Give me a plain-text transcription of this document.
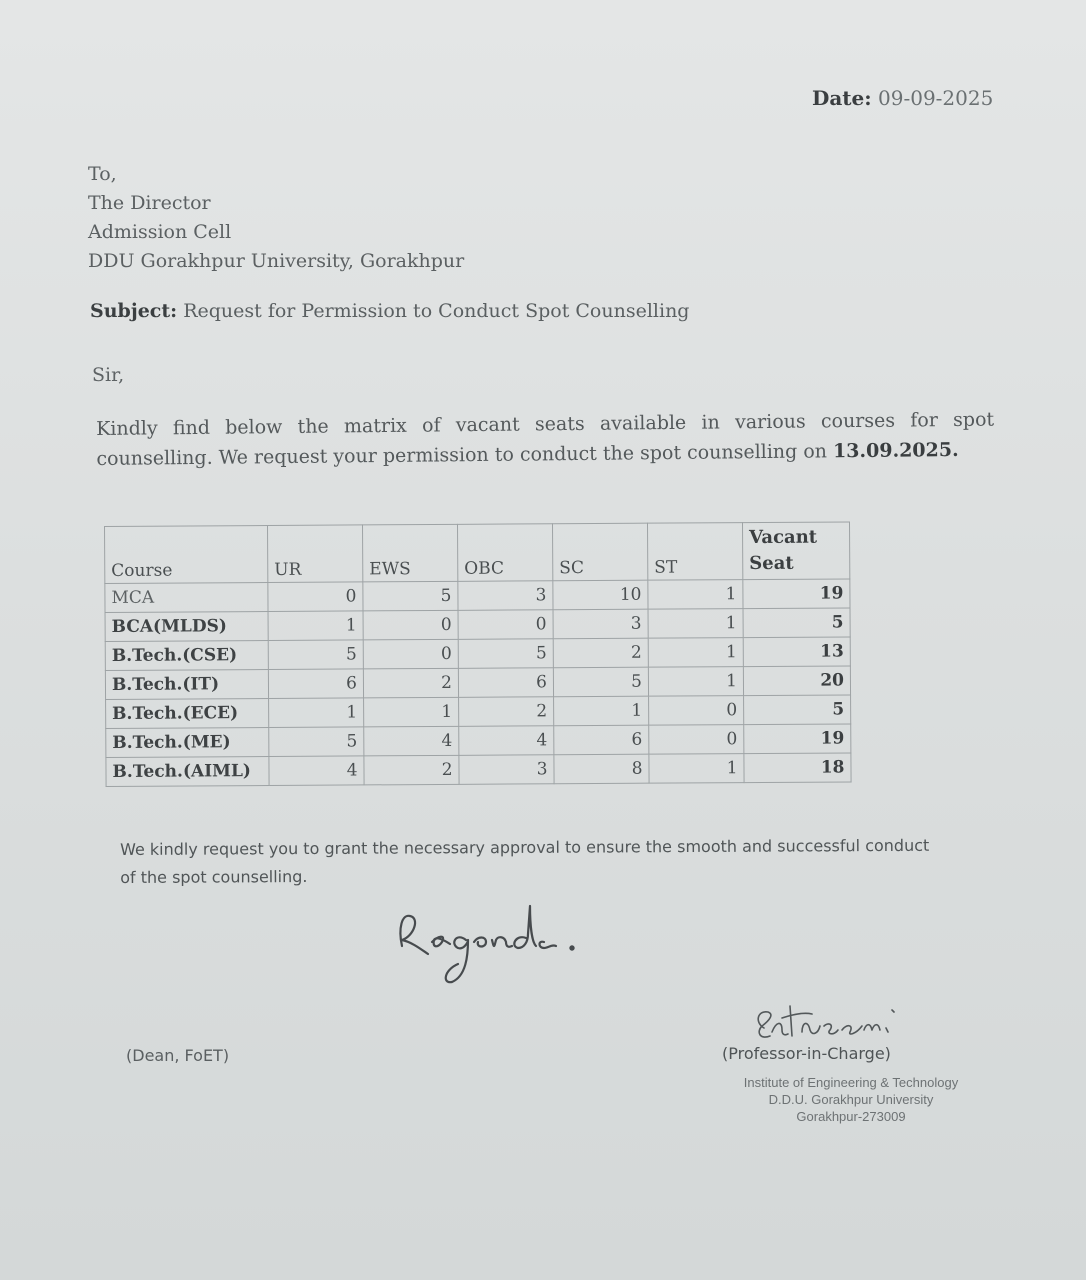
Date: 09-09-2025
To,
The Director
Admission Cell
DDU Gorakhpur University, Gorakhpur
Subject: Request for Permission to Conduct Spot Counselling
Sir,
Kindly find below the matrix of vacant seats available in various courses for spot counselling. We request your permission to conduct the spot counselling on 13.09.2025.
Course	UR	EWS	OBC	SC	ST	Vacant Seat
MCA	0	5	3	10	1	19
BCA(MLDS)	1	0	0	3	1	5
B.Tech.(CSE)	5	0	5	2	1	13
B.Tech.(IT)	6	2	6	5	1	20
B.Tech.(ECE)	1	1	2	1	0	5
B.Tech.(ME)	5	4	4	6	0	19
B.Tech.(AIML)	4	2	3	8	1	18
We kindly request you to grant the necessary approval to ensure the smooth and successful conduct of the spot counselling.
(Dean, FoET)	(Professor-in-Charge)
Institute of Engineering & Technology
D.D.U. Gorakhpur University
Gorakhpur-273009
